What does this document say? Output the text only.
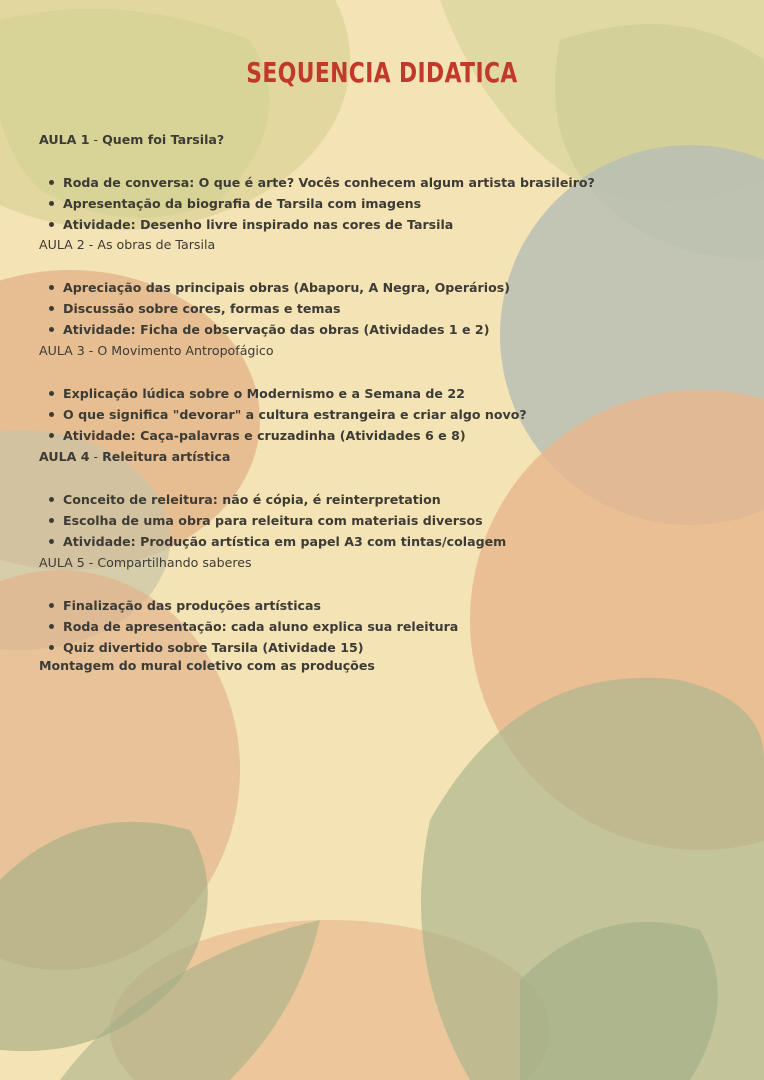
SEQUENCIA DIDATICA
AULA 1 - Quem foi Tarsila?
Roda de conversa: O que é arte? Vocês conhecem algum artista brasileiro?
Apresentação da biografia de Tarsila com imagens
Atividade: Desenho livre inspirado nas cores de Tarsila
AULA 2 - As obras de Tarsila
Apreciação das principais obras (Abaporu, A Negra, Operários)
Discussão sobre cores, formas e temas
Atividade: Ficha de observação das obras (Atividades 1 e 2)
AULA 3 - O Movimento Antropofágico
Explicação lúdica sobre o Modernismo e a Semana de 22
O que significa "devorar" a cultura estrangeira e criar algo novo?
Atividade: Caça-palavras e cruzadinha (Atividades 6 e 8)
AULA 4 - Releitura artística
Conceito de releitura: não é cópia, é reinterpretation
Escolha de uma obra para releitura com materiais diversos
Atividade: Produção artística em papel A3 com tintas/colagem
AULA 5 - Compartilhando saberes
Finalização das produções artísticas
Roda de apresentação: cada aluno explica sua releitura
Quiz divertido sobre Tarsila (Atividade 15)
Montagem do mural coletivo com as produções
